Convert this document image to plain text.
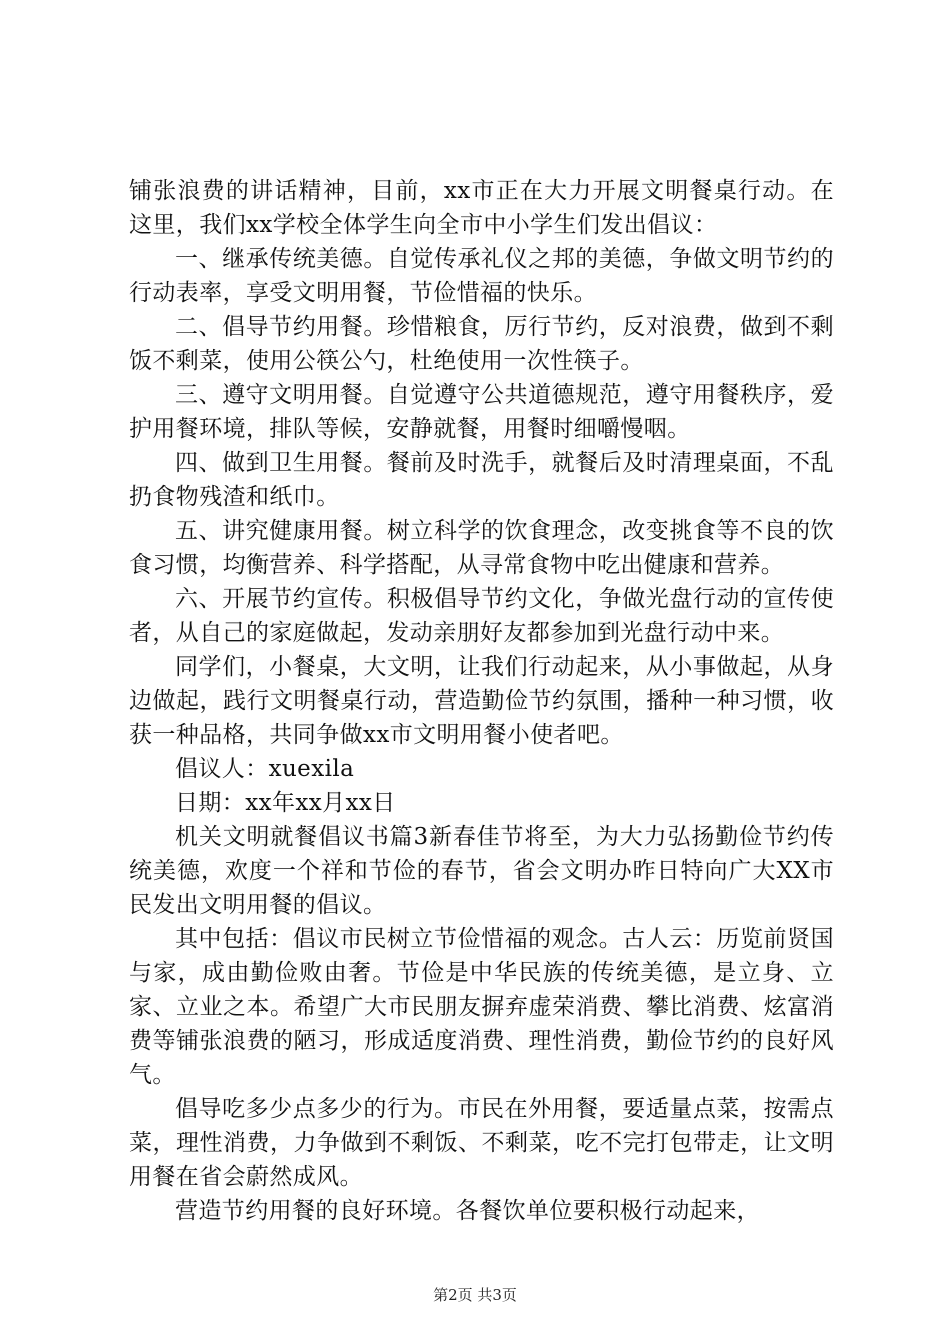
铺张浪费的讲话精神，目前，xx市正在大力开展文明餐桌行动。在这里，我们xx学校全体学生向全市中小学生们发出倡议：

一、继承传统美德。自觉传承礼仪之邦的美德，争做文明节约的行动表率，享受文明用餐，节俭惜福的快乐。

二、倡导节约用餐。珍惜粮食，厉行节约，反对浪费，做到不剩饭不剩菜，使用公筷公勺，杜绝使用一次性筷子。

三、遵守文明用餐。自觉遵守公共道德规范，遵守用餐秩序，爱护用餐环境，排队等候，安静就餐，用餐时细嚼慢咽。

四、做到卫生用餐。餐前及时洗手，就餐后及时清理桌面，不乱扔食物残渣和纸巾。

五、讲究健康用餐。树立科学的饮食理念，改变挑食等不良的饮食习惯，均衡营养、科学搭配，从寻常食物中吃出健康和营养。

六、开展节约宣传。积极倡导节约文化，争做光盘行动的宣传使者，从自己的家庭做起，发动亲朋好友都参加到光盘行动中来。

同学们，小餐桌，大文明，让我们行动起来，从小事做起，从身边做起，践行文明餐桌行动，营造勤俭节约氛围，播种一种习惯，收获一种品格，共同争做xx市文明用餐小使者吧。

倡议人：xuexila

日期：xx年xx月xx日

机关文明就餐倡议书篇3新春佳节将至，为大力弘扬勤俭节约传统美德，欢度一个祥和节俭的春节，省会文明办昨日特向广大XX市民发出文明用餐的倡议。

其中包括：倡议市民树立节俭惜福的观念。古人云：历览前贤国与家，成由勤俭败由奢。节俭是中华民族的传统美德，是立身、立家、立业之本。希望广大市民朋友摒弃虚荣消费、攀比消费、炫富消费等铺张浪费的陋习，形成适度消费、理性消费，勤俭节约的良好风气。

倡导吃多少点多少的行为。市民在外用餐，要适量点菜，按需点菜，理性消费，力争做到不剩饭、不剩菜，吃不完打包带走，让文明用餐在省会蔚然成风。

营造节约用餐的良好环境。各餐饮单位要积极行动起来，

第2页 共3页
